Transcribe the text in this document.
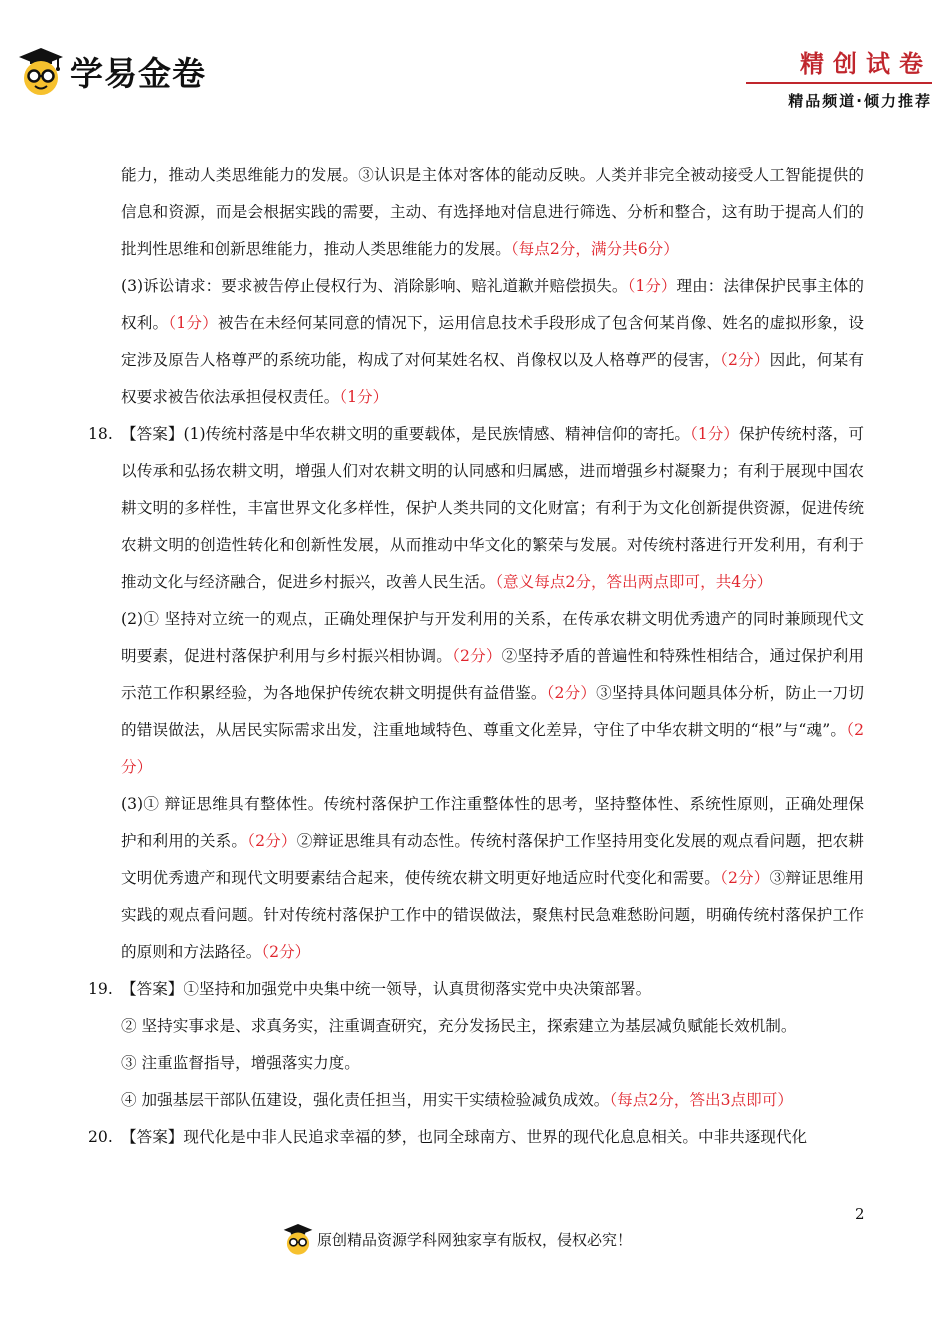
学易金卷	精创试卷
精品频道·倾力推荐
能力，推动人类思维能力的发展。③认识是主体对客体的能动反映。人类并非完全被动接受人工智能提供的信息和资源，而是会根据实践的需要，主动、有选择地对信息进行筛选、分析和整合，这有助于提高人们的批判性思维和创新思维能力，推动人类思维能力的发展。（每点2分，满分共6分）
(3)诉讼请求：要求被告停止侵权行为、消除影响、赔礼道歉并赔偿损失。（1分）理由：法律保护民事主体的权利。（1分）被告在未经何某同意的情况下，运用信息技术手段形成了包含何某肖像、姓名的虚拟形象，设定涉及原告人格尊严的系统功能，构成了对何某姓名权、肖像权以及人格尊严的侵害，（2分）因此，何某有权要求被告依法承担侵权责任。（1分）
18. 【答案】(1)传统村落是中华农耕文明的重要载体，是民族情感、精神信仰的寄托。（1分）保护传统村落，可以传承和弘扬农耕文明，增强人们对农耕文明的认同感和归属感，进而增强乡村凝聚力；有利于展现中国农耕文明的多样性，丰富世界文化多样性，保护人类共同的文化财富；有利于为文化创新提供资源，促进传统农耕文明的创造性转化和创新性发展，从而推动中华文化的繁荣与发展。对传统村落进行开发利用，有利于推动文化与经济融合，促进乡村振兴，改善人民生活。（意义每点2分，答出两点即可，共4分）
(2)① 坚持对立统一的观点，正确处理保护与开发利用的关系，在传承农耕文明优秀遗产的同时兼顾现代文明要素，促进村落保护利用与乡村振兴相协调。（2分）②坚持矛盾的普遍性和特殊性相结合，通过保护利用示范工作积累经验，为各地保护传统农耕文明提供有益借鉴。（2分）③坚持具体问题具体分析，防止一刀切的错误做法，从居民实际需求出发，注重地域特色、尊重文化差异，守住了中华农耕文明的“根”与“魂”。（2分）
(3)① 辩证思维具有整体性。传统村落保护工作注重整体性的思考，坚持整体性、系统性原则，正确处理保护和利用的关系。（2分）②辩证思维具有动态性。传统村落保护工作坚持用变化发展的观点看问题，把农耕文明优秀遗产和现代文明要素结合起来，使传统农耕文明更好地适应时代变化和需要。（2分）③辩证思维用实践的观点看问题。针对传统村落保护工作中的错误做法，聚焦村民急难愁盼问题，明确传统村落保护工作的原则和方法路径。（2分）
19. 【答案】①坚持和加强党中央集中统一领导，认真贯彻落实党中央决策部署。
② 坚持实事求是、求真务实，注重调查研究，充分发扬民主，探索建立为基层减负赋能长效机制。
③ 注重监督指导，增强落实力度。
④ 加强基层干部队伍建设，强化责任担当，用实干实绩检验减负成效。（每点2分，答出3点即可）
20. 【答案】现代化是中非人民追求幸福的梦，也同全球南方、世界的现代化息息相关。中非共逐现代化
2
原创精品资源学科网独家享有版权，侵权必究！
